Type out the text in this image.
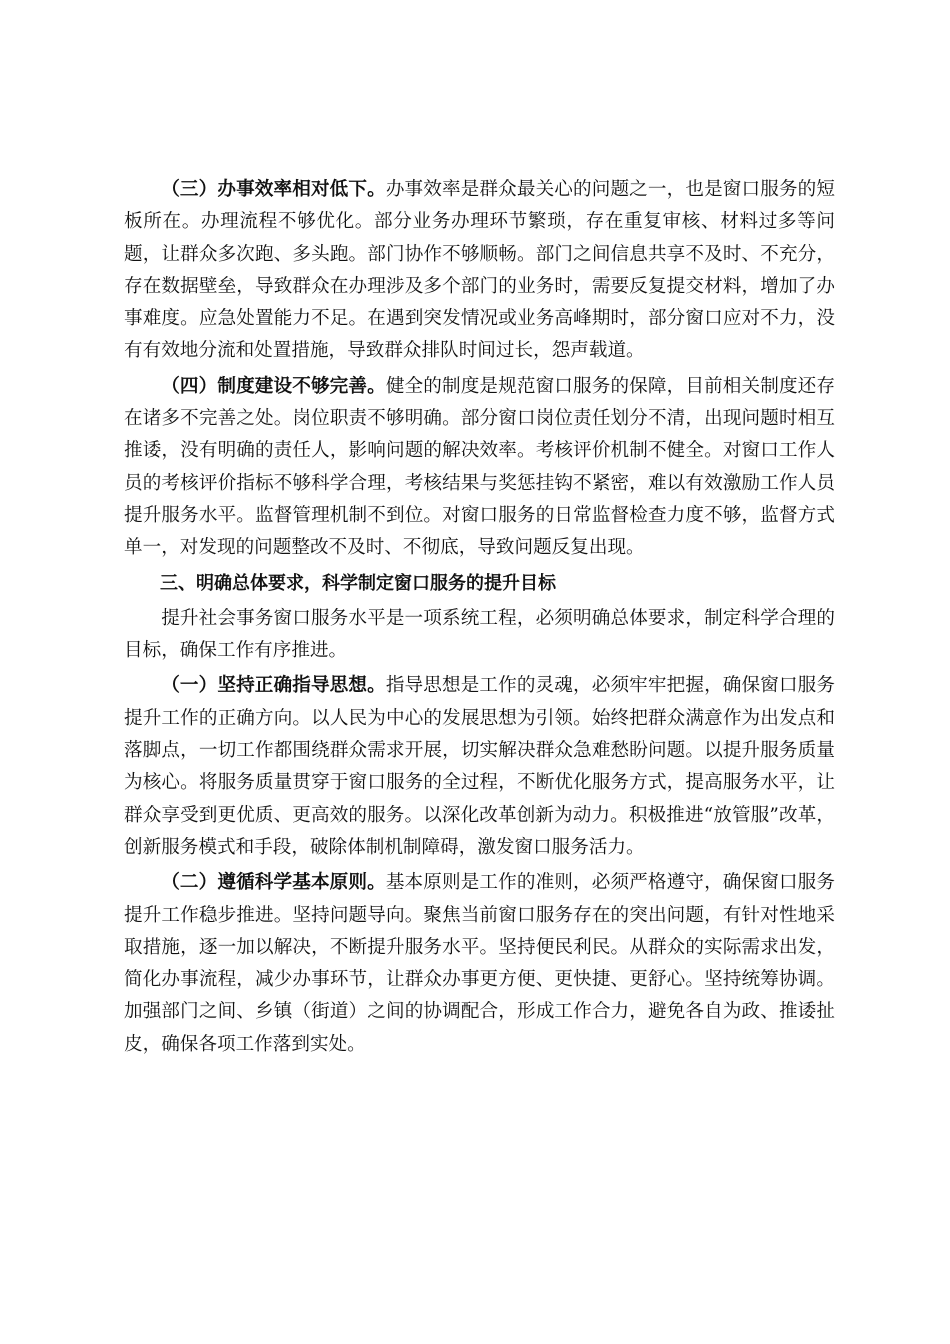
（三）办事效率相对低下。办事效率是群众最关心的问题之一，也是窗口服务的短板所在。办理流程不够优化。部分业务办理环节繁琐，存在重复审核、材料过多等问题，让群众多次跑、多头跑。部门协作不够顺畅。部门之间信息共享不及时、不充分，存在数据壁垒，导致群众在办理涉及多个部门的业务时，需要反复提交材料，增加了办事难度。应急处置能力不足。在遇到突发情况或业务高峰期时，部分窗口应对不力，没有有效地分流和处置措施，导致群众排队时间过长，怨声载道。

（四）制度建设不够完善。健全的制度是规范窗口服务的保障，目前相关制度还存在诸多不完善之处。岗位职责不够明确。部分窗口岗位责任划分不清，出现问题时相互推诿，没有明确的责任人，影响问题的解决效率。考核评价机制不健全。对窗口工作人员的考核评价指标不够科学合理，考核结果与奖惩挂钩不紧密，难以有效激励工作人员提升服务水平。监督管理机制不到位。对窗口服务的日常监督检查力度不够，监督方式单一，对发现的问题整改不及时、不彻底，导致问题反复出现。

三、明确总体要求，科学制定窗口服务的提升目标

提升社会事务窗口服务水平是一项系统工程，必须明确总体要求，制定科学合理的目标，确保工作有序推进。

（一）坚持正确指导思想。指导思想是工作的灵魂，必须牢牢把握，确保窗口服务提升工作的正确方向。以人民为中心的发展思想为引领。始终把群众满意作为出发点和落脚点，一切工作都围绕群众需求开展，切实解决群众急难愁盼问题。以提升服务质量为核心。将服务质量贯穿于窗口服务的全过程，不断优化服务方式，提高服务水平，让群众享受到更优质、更高效的服务。以深化改革创新为动力。积极推进“放管服”改革，创新服务模式和手段，破除体制机制障碍，激发窗口服务活力。

（二）遵循科学基本原则。基本原则是工作的准则，必须严格遵守，确保窗口服务提升工作稳步推进。坚持问题导向。聚焦当前窗口服务存在的突出问题，有针对性地采取措施，逐一加以解决，不断提升服务水平。坚持便民利民。从群众的实际需求出发，简化办事流程，减少办事环节，让群众办事更方便、更快捷、更舒心。坚持统筹协调。加强部门之间、乡镇（街道）之间的协调配合，形成工作合力，避免各自为政、推诿扯皮，确保各项工作落到实处。
